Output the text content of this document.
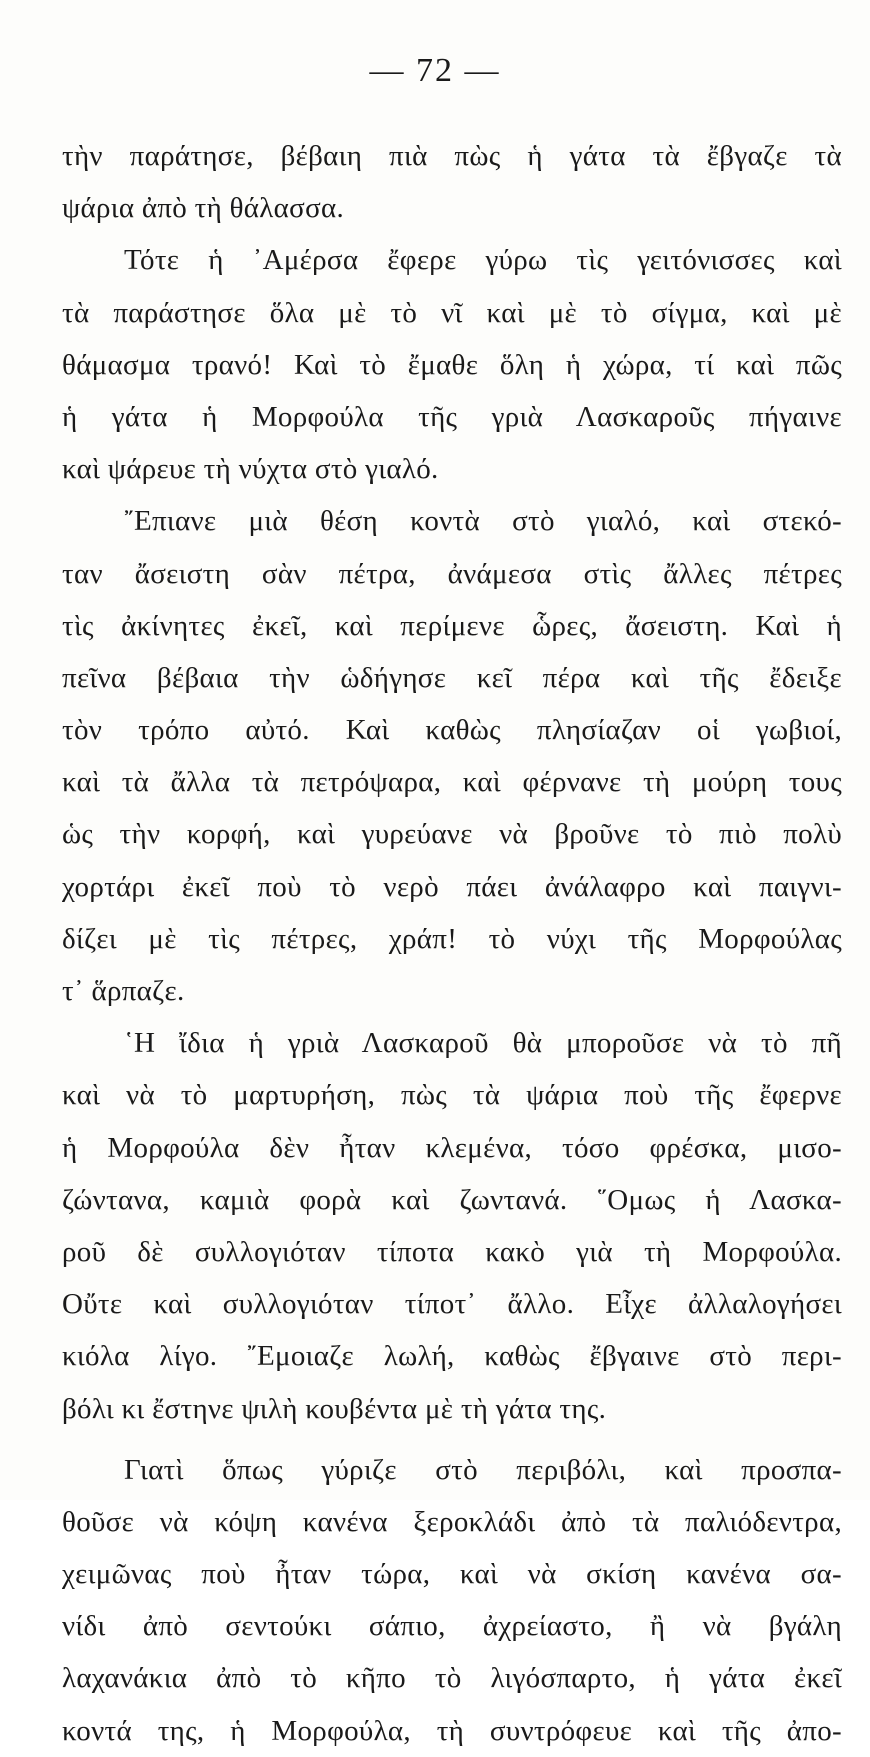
— 72 —
τὴν παράτησε, βέβαιη πιὰ πὼς ἡ γάτα τὰ ἔβγαζε τὰ
ψάρια ἀπὸ τὴ θάλασσα.
Τότε ἡ ᾿Αμέρσα ἔφερε γύρω τὶς γειτόνισσες καὶ
τὰ παράστησε ὅλα μὲ τὸ νῖ καὶ μὲ τὸ σίγμα, καὶ μὲ
θάμασμα τρανό! Καὶ τὸ ἔμαθε ὅλη ἡ χώρα, τί καὶ πῶς
ἡ γάτα ἡ Μορφούλα τῆς γριὰ Λασκαροῦς πήγαινε
καὶ ψάρευε τὴ νύχτα στὸ γιαλό.
῎Επιανε μιὰ θέση κοντὰ στὸ γιαλό, καὶ στεκό-
ταν ἄσειστη σὰν πέτρα, ἀνάμεσα στὶς ἄλλες πέτρες
τὶς ἀκίνητες ἐκεῖ, καὶ περίμενε ὧρες, ἄσειστη. Καὶ ἡ
πεῖνα βέβαια τὴν ὡδήγησε κεῖ πέρα καὶ τῆς ἔδειξε
τὸν τρόπο αὐτό. Καὶ καθὼς πλησίαζαν οἱ γωβιοί,
καὶ τὰ ἄλλα τὰ πετρόψαρα, καὶ φέρνανε τὴ μούρη τους
ὡς τὴν κορφή, καὶ γυρεύανε νὰ βροῦνε τὸ πιὸ πολὺ
χορτάρι ἐκεῖ ποὺ τὸ νερὸ πάει ἀνάλαφρο καὶ παιγνι-
δίζει μὲ τὶς πέτρες, χράπ! τὸ νύχι τῆς Μορφούλας
τ᾿ ἅρπαζε.
῾Η ἴδια ἡ γριὰ Λασκαροῦ θὰ μποροῦσε νὰ τὸ πῆ
καὶ νὰ τὸ μαρτυρήση, πὼς τὰ ψάρια ποὺ τῆς ἔφερνε
ἡ Μορφούλα δὲν ἦταν κλεμένα, τόσο φρέσκα, μισο-
ζώντανα, καμιὰ φορὰ καὶ ζωντανά. ῞Ομως ἡ Λασκα-
ροῦ δὲ συλλογιόταν τίποτα κακὸ γιὰ τὴ Μορφούλα.
Οὔτε καὶ συλλογιόταν τίποτ᾿ ἄλλο. Εἶχε ἀλλαλογήσει
κιόλα λίγο. ῎Εμοιαζε λωλή, καθὼς ἔβγαινε στὸ περι-
βόλι κι ἔστηνε ψιλὴ κουβέντα μὲ τὴ γάτα της.
Γιατὶ ὅπως γύριζε στὸ περιβόλι, καὶ προσπα-
θοῦσε νὰ κόψη κανένα ξεροκλάδι ἀπὸ τὰ παλιόδεντρα,
χειμῶνας ποὺ ἦταν τώρα, καὶ νὰ σκίση κανένα σα-
νίδι ἀπὸ σεντούκι σάπιο, ἀχρείαστο, ἢ νὰ βγάλη
λαχανάκια ἀπὸ τὸ κῆπο τὸ λιγόσπαρτο, ἡ γάτα ἐκεῖ
κοντά της, ἡ Μορφούλα, τὴ συντρόφευε καὶ τῆς ἀπο-
